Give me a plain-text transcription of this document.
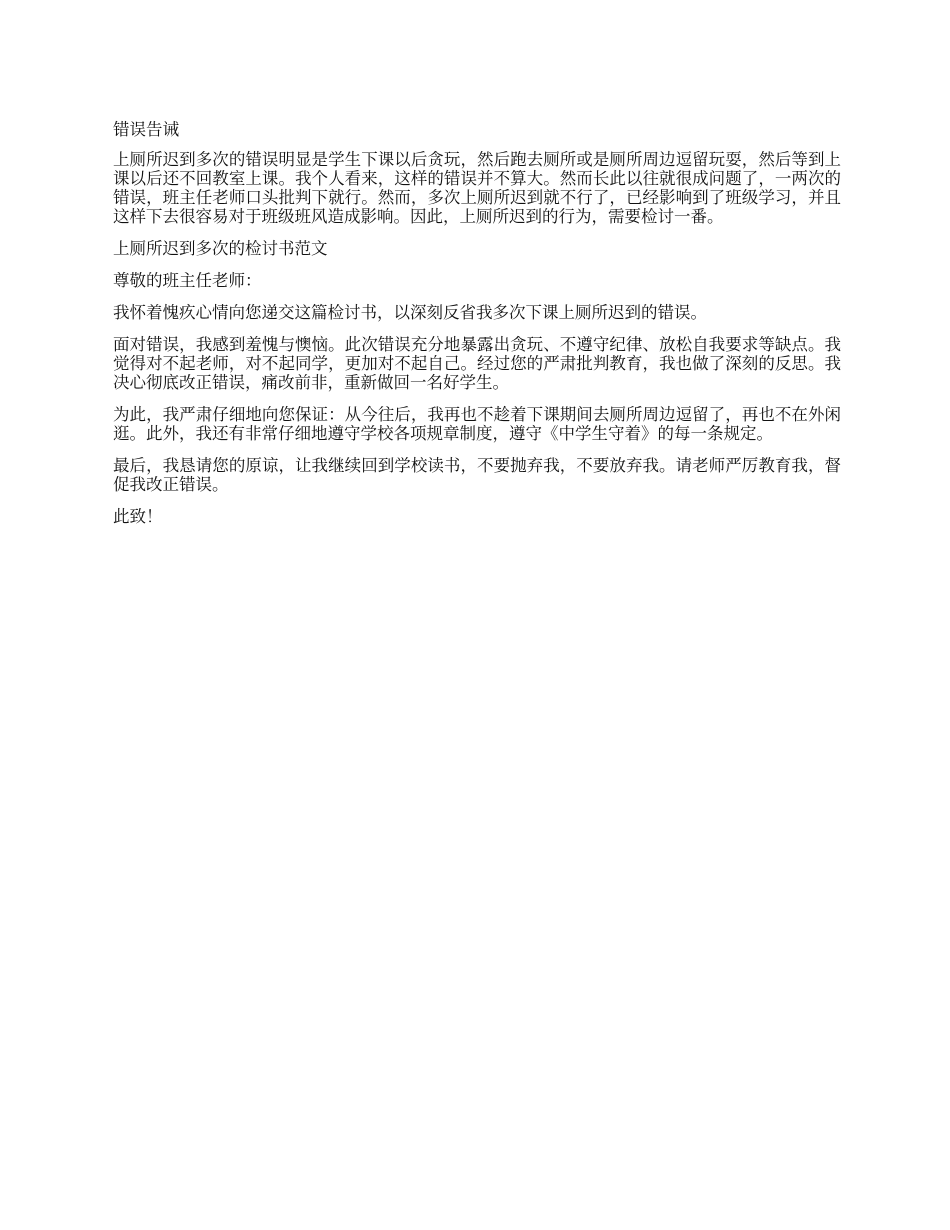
错误告诫

上厕所迟到多次的错误明显是学生下课以后贪玩，然后跑去厕所或是厕所周边逗留玩耍，然后等到上课以后还不回教室上课。我个人看来，这样的错误并不算大。然而长此以往就很成问题了，一两次的错误，班主任老师口头批判下就行。然而，多次上厕所迟到就不行了，已经影响到了班级学习，并且这样下去很容易对于班级班风造成影响。因此，上厕所迟到的行为，需要检讨一番。

上厕所迟到多次的检讨书范文

尊敬的班主任老师：

我怀着愧疚心情向您递交这篇检讨书，以深刻反省我多次下课上厕所迟到的错误。

面对错误，我感到羞愧与懊恼。此次错误充分地暴露出贪玩、不遵守纪律、放松自我要求等缺点。我觉得对不起老师，对不起同学，更加对不起自己。经过您的严肃批判教育，我也做了深刻的反思。我决心彻底改正错误，痛改前非，重新做回一名好学生。

为此，我严肃仔细地向您保证：从今往后，我再也不趁着下课期间去厕所周边逗留了，再也不在外闲逛。此外，我还有非常仔细地遵守学校各项规章制度，遵守《中学生守着》的每一条规定。

最后，我恳请您的原谅，让我继续回到学校读书，不要抛弃我，不要放弃我。请老师严厉教育我，督促我改正错误。

此致！
